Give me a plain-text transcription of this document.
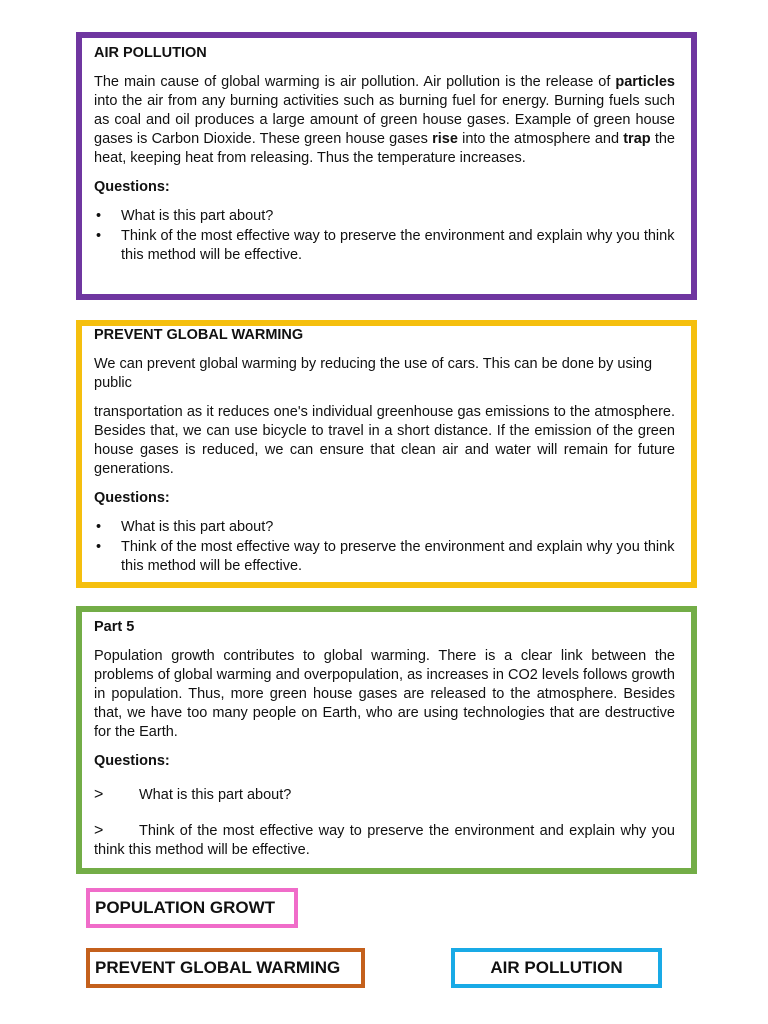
AIR POLLUTION
The main cause of global warming is air pollution. Air pollution is the release of particles into the air from any burning activities such as burning fuel for energy. Burning fuels such as coal and oil produces a large amount of green house gases. Example of green house gases is Carbon Dioxide. These green house gases rise into the atmosphere and trap the heat, keeping heat from releasing. Thus the temperature increases.
Questions:
• What is this part about?
• Think of the most effective way to preserve the environment and explain why you think this method will be effective.
PREVENT GLOBAL WARMING
We can prevent global warming by reducing the use of cars. This can be done by using public
transportation as it reduces one's individual greenhouse gas emissions to the atmosphere. Besides that, we can use bicycle to travel in a short distance. If the emission of the green house gases is reduced, we can ensure that clean air and water will remain for future generations.
Questions:
• What is this part about?
• Think of the most effective way to preserve the environment and explain why you think this method will be effective.
Part 5
Population growth contributes to global warming. There is a clear link between the problems of global warming and overpopulation, as increases in CO2 levels follows growth in population. Thus, more green house gases are released to the atmosphere. Besides that, we have too many people on Earth, who are using technologies that are destructive for the Earth.
Questions:
> What is this part about?
> Think of the most effective way to preserve the environment and explain why you think this method will be effective.
POPULATION GROWT
PREVENT GLOBAL WARMING	AIR POLLUTION
